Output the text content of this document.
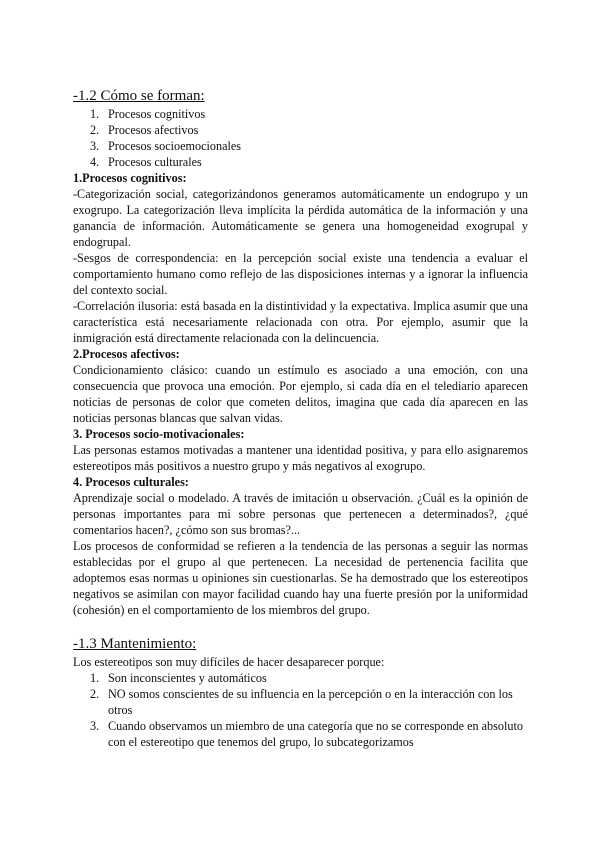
-1.2 Cómo se forman:
1. Procesos cognitivos
2. Procesos afectivos
3. Procesos socioemocionales
4. Procesos culturales

1.Procesos cognitivos:

-Categorización social, categorizándonos generamos automáticamente un endogrupo y un exogrupo. La categorización lleva implícita la pérdida automática de la información y una ganancia de información. Automáticamente se genera una homogeneidad exogrupal y endogrupal.

-Sesgos de correspondencia: en la percepción social existe una tendencia a evaluar el comportamiento humano como reflejo de las disposiciones internas y a ignorar la influencia del contexto social.

-Correlación ilusoria: está basada en la distintividad y la expectativa. Implica asumir que una característica está necesariamente relacionada con otra. Por ejemplo, asumir que la inmigración está directamente relacionada con la delincuencia.

2.Procesos afectivos:

Condicionamiento clásico: cuando un estímulo es asociado a una emoción, con una consecuencia que provoca una emoción. Por ejemplo, si cada día en el telediario aparecen noticias de personas de color que cometen delitos, imagina que cada día aparecen en las noticias personas blancas que salvan vidas.

3. Procesos socio-motivacionales:

Las personas estamos motivadas a mantener una identidad positiva, y para ello asignaremos estereotipos más positivos a nuestro grupo y más negativos al exogrupo.

4. Procesos culturales:

Aprendizaje social o modelado. A través de imitación u observación. ¿Cuál es la opinión de personas importantes para mi sobre personas que pertenecen a determinados?, ¿qué comentarios hacen?, ¿cómo son sus bromas?...

Los procesos de conformidad se refieren a la tendencia de las personas a seguir las normas establecidas por el grupo al que pertenecen. La necesidad de pertenencia facilita que adoptemos esas normas u opiniones sin cuestionarlas. Se ha demostrado que los estereotipos negativos se asimilan con mayor facilidad cuando hay una fuerte presión por la uniformidad (cohesión) en el comportamiento de los miembros del grupo.

-1.3 Mantenimiento:

Los estereotipos son muy difíciles de hacer desaparecer porque:

1. Son inconscientes y automáticos
2. NO somos conscientes de su influencia en la percepción o en la interacción con los otros
3. Cuando observamos un miembro de una categoría que no se corresponde en absoluto con el estereotipo que tenemos del grupo, lo subcategorizamos
